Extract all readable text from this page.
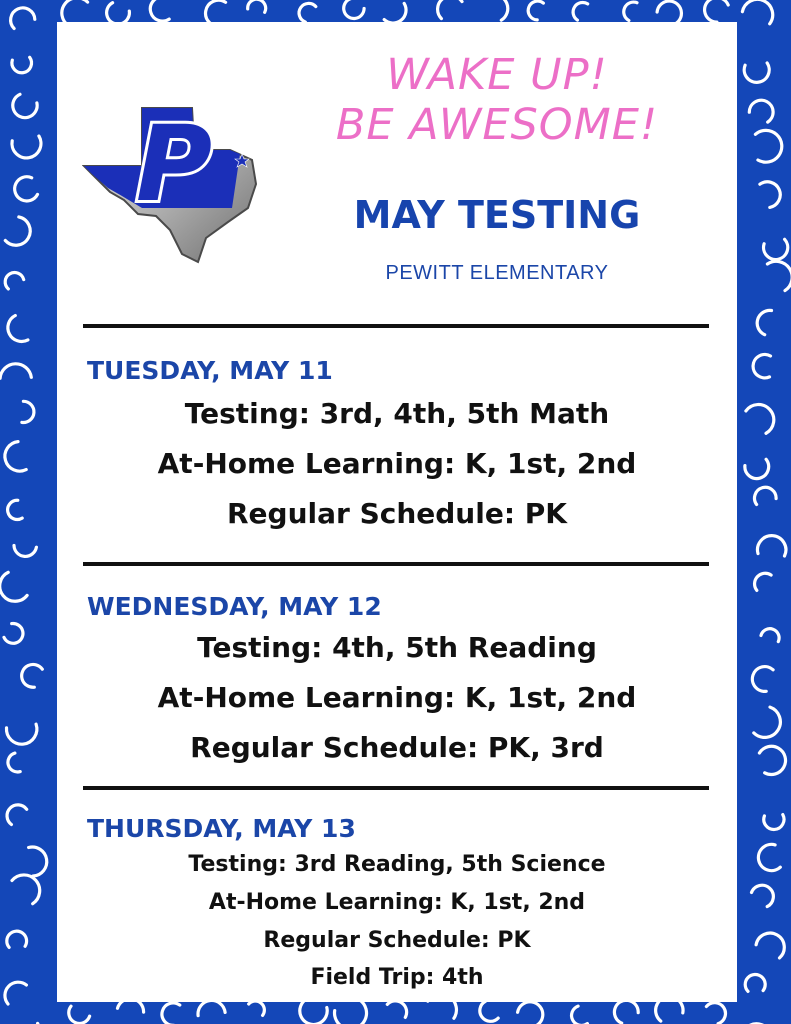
WAKE UP!
BE AWESOME!
P	MAY TESTING
PEWITT ELEMENTARY
TUESDAY, MAY 11
Testing: 3rd, 4th, 5th Math
At-Home Learning: K, 1st, 2nd
Regular Schedule: PK
WEDNESDAY, MAY 12
Testing: 4th, 5th Reading
At-Home Learning: K, 1st, 2nd
Regular Schedule: PK, 3rd
THURSDAY, MAY 13
Testing: 3rd Reading, 5th Science
At-Home Learning: K, 1st, 2nd
Regular Schedule: PK
Field Trip: 4th
